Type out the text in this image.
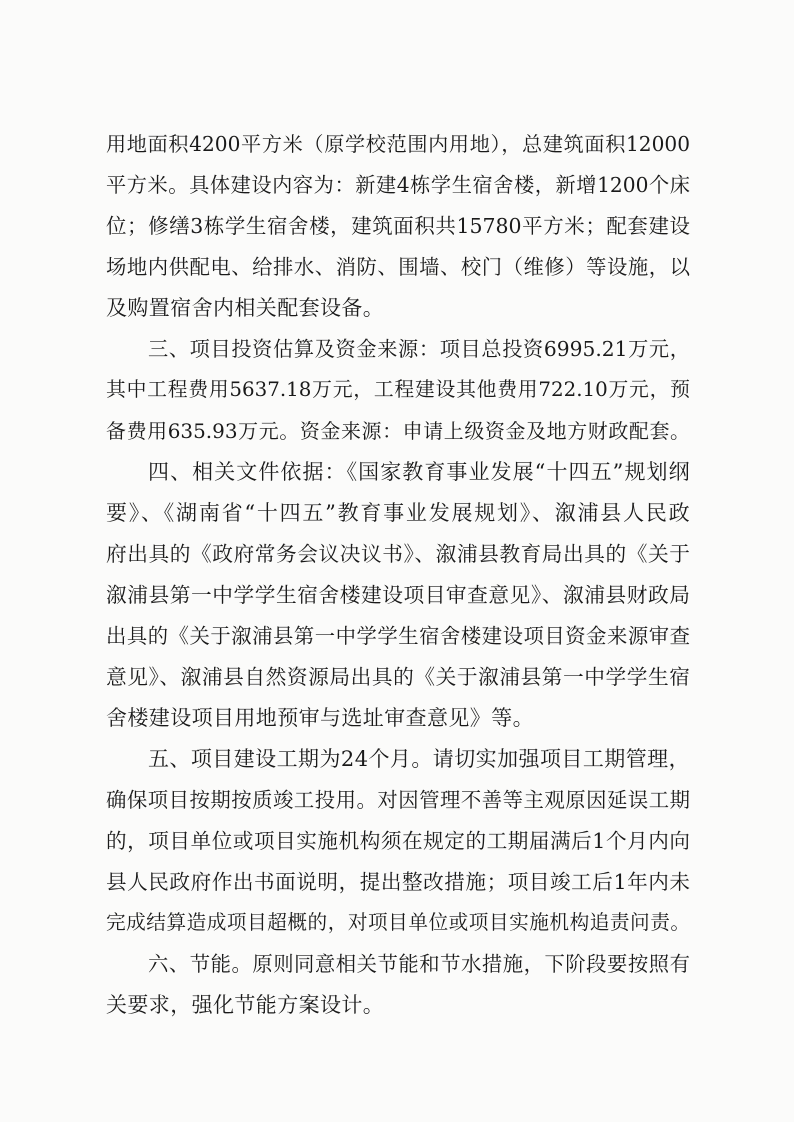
用地面积4200平方米（原学校范围内用地），总建筑面积12000
平方米。具体建设内容为：新建4栋学生宿舍楼，新增1200个床
位；修缮3栋学生宿舍楼，建筑面积共15780平方米；配套建设
场地内供配电、给排水、消防、围墙、校门（维修）等设施，以
及购置宿舍内相关配套设备。
三、项目投资估算及资金来源：项目总投资6995.21万元，
其中工程费用5637.18万元，工程建设其他费用722.10万元，预
备费用635.93万元。资金来源：申请上级资金及地方财政配套。
四、相关文件依据：《国家教育事业发展“十四五”规划纲
要》、《湖南省“十四五”教育事业发展规划》、溆浦县人民政
府出具的《政府常务会议决议书》、溆浦县教育局出具的《关于
溆浦县第一中学学生宿舍楼建设项目审查意见》、溆浦县财政局
出具的《关于溆浦县第一中学学生宿舍楼建设项目资金来源审查
意见》、溆浦县自然资源局出具的《关于溆浦县第一中学学生宿
舍楼建设项目用地预审与选址审查意见》等。
五、项目建设工期为24个月。请切实加强项目工期管理，
确保项目按期按质竣工投用。对因管理不善等主观原因延误工期
的，项目单位或项目实施机构须在规定的工期届满后1个月内向
县人民政府作出书面说明，提出整改措施；项目竣工后1年内未
完成结算造成项目超概的，对项目单位或项目实施机构追责问责。
六、节能。原则同意相关节能和节水措施，下阶段要按照有
关要求，强化节能方案设计。
